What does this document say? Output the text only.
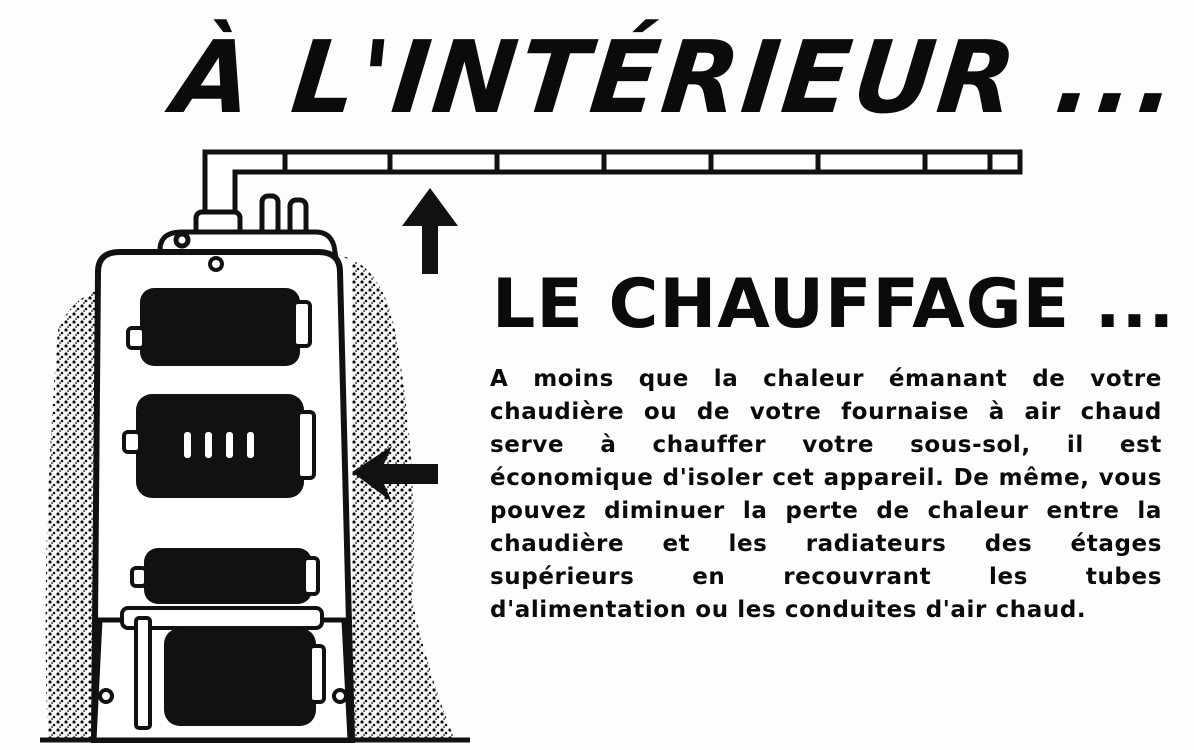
À L'INTÉRIEUR ...
LE CHAUFFAGE ...

A moins que la chaleur émanant de votre chaudière ou de votre fournaise à air chaud serve à chauffer votre sous-sol, il est économique d'isoler cet appareil. De même, vous pouvez diminuer la perte de chaleur entre la chaudière et les radiateurs des étages supérieurs en recouvrant les tubes d'alimentation ou les conduites d'air chaud.
